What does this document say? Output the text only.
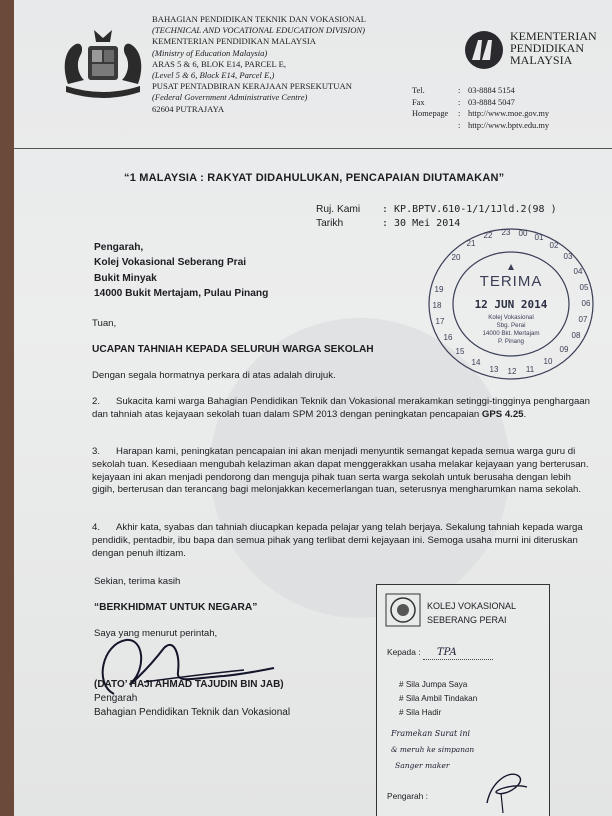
BAHAGIAN PENDIDIKAN TEKNIK DAN VOKASIONAL
(TECHNICAL AND VOCATIONAL EDUCATION DIVISION)
KEMENTERIAN PENDIDIKAN MALAYSIA
(Ministry of Education Malaysia)
ARAS 5 & 6, BLOK E14, PARCEL E,
(Level 5 & 6, Block E14, Parcel E,)
PUSAT PENTADBIRAN KERAJAAN PERSEKUTUAN
(Federal Government Administrative Centre)
62604 PUTRAJAYA
KEMENTERIAN
PENDIDIKAN
MALAYSIA
Tel.	: 03-8884 5154
Fax	: 03-8884 5047
Homepage	: http://www.moe.gov.my
: http://www.bptv.edu.my
“1 MALAYSIA : RAKYAT DIDAHULUKAN, PENCAPAIAN DIUTAMAKAN”
Ruj. Kami	: KP.BPTV.610-1/1/1Jld.2(98 )
Tarikh	: 30 Mei 2014
Pengarah,
Kolej Vokasional Seberang Prai
Bukit Minyak
14000 Bukit Mertajam, Pulau Pinang
20
21
22 23 00 01
02
03
04
05
06
07
08
09
10
11
12
13
14
15
16
17
18
19 TERIMA
12 JUN 2014
Kolej Vokasional
Sbg. Perai
14000 Bkt. Mertajam
P. Pinang
Tuan,
UCAPAN TAHNIAH KEPADA SELURUH WARGA SEKOLAH
Dengan segala hormatnya perkara di atas adalah dirujuk.
2. Sukacita kami warga Bahagian Pendidikan Teknik dan Vokasional merakamkan setinggi-tingginya penghargaan dan tahniah atas kejayaan sekolah tuan dalam SPM 2013 dengan peningkatan pencapaian GPS 4.25.
3. Harapan kami, peningkatan pencapaian ini akan menjadi menyuntik semangat kepada semua warga guru di sekolah tuan. Kesediaan mengubah kelaziman akan dapat menggerakkan usaha melakar kejayaan yang berterusan. kejayaan ini akan menjadi pendorong dan menguja pihak tuan serta warga sekolah untuk berusaha dengan lebih gigih, berterusan dan terancang bagi melonjakkan kecemerlangan tuan, seterusnya mengharumkan nama sekolah.
4. Akhir kata, syabas dan tahniah diucapkan kepada pelajar yang telah berjaya. Sekalung tahniah kepada warga pendidik, pentadbir, ibu bapa dan semua pihak yang terlibat demi kejayaan ini. Semoga usaha murni ini diteruskan dengan penuh iltizam.
Sekian, terima kasih
“BERKHIDMAT UNTUK NEGARA”
Saya yang menurut perintah,
(DATO’ HAJI AHMAD TAJUDIN BIN JAB)
Pengarah
Bahagian Pendidikan Teknik dan Vokasional
KOLEJ VOKASIONAL
SEBERANG PERAI
Kepada : TPA
# Sila Jumpa Saya
# Sila Ambil Tindakan
# Sila Hadir
Framekan Surat ini
& meruh ke simpanan
Sanger maker
Pengarah :
